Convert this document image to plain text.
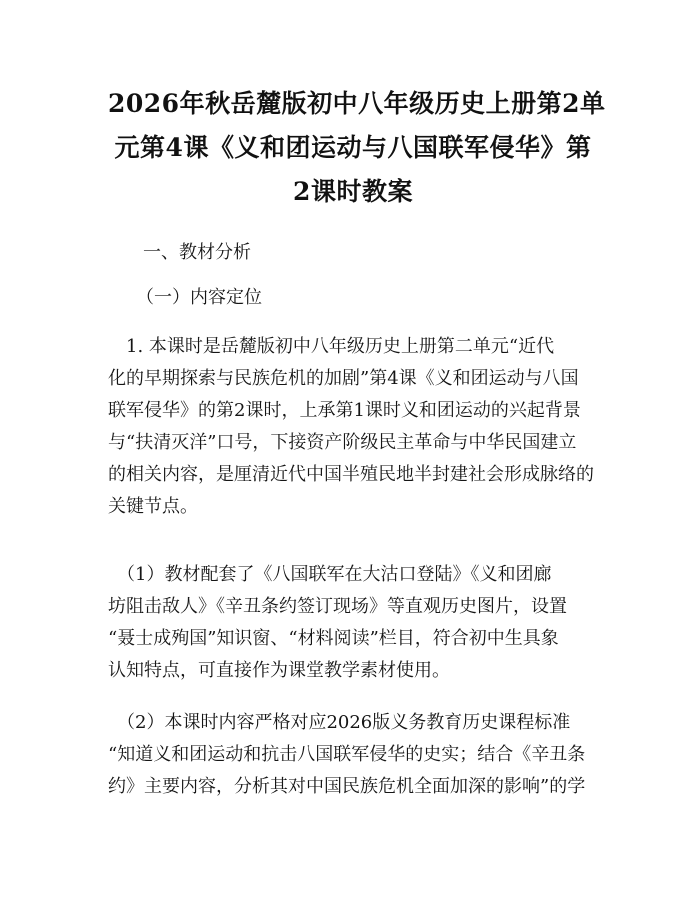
2026年秋岳麓版初中八年级历史上册第2单
元第4课《义和团运动与八国联军侵华》第
2课时教案

一、教材分析

（一）内容定位

　1. 本课时是岳麓版初中八年级历史上册第二单元“近代
化的早期探索与民族危机的加剧”第4课《义和团运动与八国
联军侵华》的第2课时，上承第1课时义和团运动的兴起背景
与“扶清灭洋”口号，下接资产阶级民主革命与中华民国建立
的相关内容，是厘清近代中国半殖民地半封建社会形成脉络的
关键节点。
　（1）教材配套了《八国联军在大沽口登陆》《义和团廊
坊阻击敌人》《辛丑条约签订现场》等直观历史图片，设置
“聂士成殉国”知识窗、“材料阅读”栏目，符合初中生具象
认知特点，可直接作为课堂教学素材使用。
　（2）本课时内容严格对应2026版义务教育历史课程标准
“知道义和团运动和抗击八国联军侵华的史实；结合《辛丑条
约》主要内容，分析其对中国民族危机全面加深的影响”的学
